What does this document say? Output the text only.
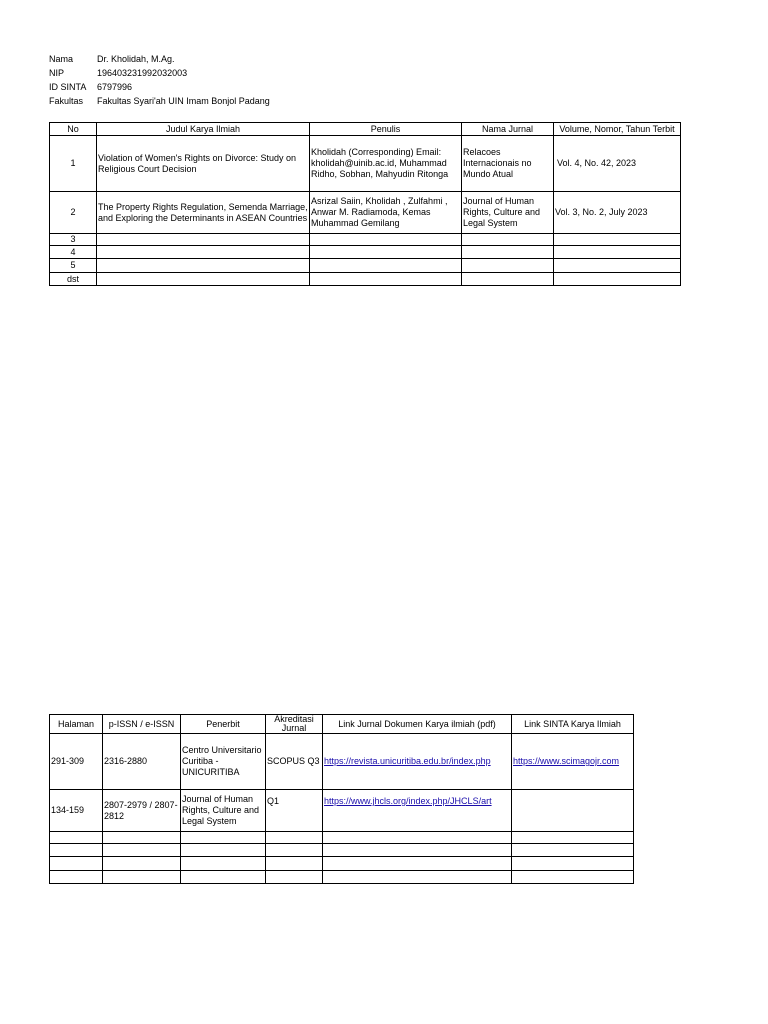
Nama	Dr. Kholidah, M.Ag.
NIP	196403231992032003
ID SINTA	6797996
Fakultas	Fakultas Syari'ah UIN Imam Bonjol Padang
No	Judul Karya Ilmiah	Penulis	Nama Jurnal	Volume, Nomor, Tahun Terbit
1	Violation of Women's Rights on Divorce: Study on Religious Court Decision	Kholidah (Corresponding) Email: kholidah@uinib.ac.id, Muhammad Ridho, Sobhan, Mahyudin Ritonga	Relacoes Internacionais no Mundo Atual	Vol. 4, No. 42, 2023
2	The Property Rights Regulation, Semenda Marriage, and Exploring the Determinants in ASEAN Countries	Asrizal Saiin, Kholidah , Zulfahmi , Anwar M. Radiamoda, Kemas Muhammad Gemilang	Journal of Human Rights, Culture and Legal System	Vol. 3, No. 2, July 2023
3				
4				
5				
dst				
Halaman	p-ISSN / e-ISSN	Penerbit	Akreditasi Jurnal	Link Jurnal Dokumen Karya ilmiah (pdf)	Link SINTA Karya Ilmiah
291-309	2316-2880	Centro Universitario Curitiba - UNICURITIBA	SCOPUS Q3	https://revista.unicuritiba.edu.br/index.php	https://www.scimagojr.com
134-159	2807-2979 / 2807-2812	Journal of Human Rights, Culture and Legal System	Q1	https://www.jhcls.org/index.php/JHCLS/art	
